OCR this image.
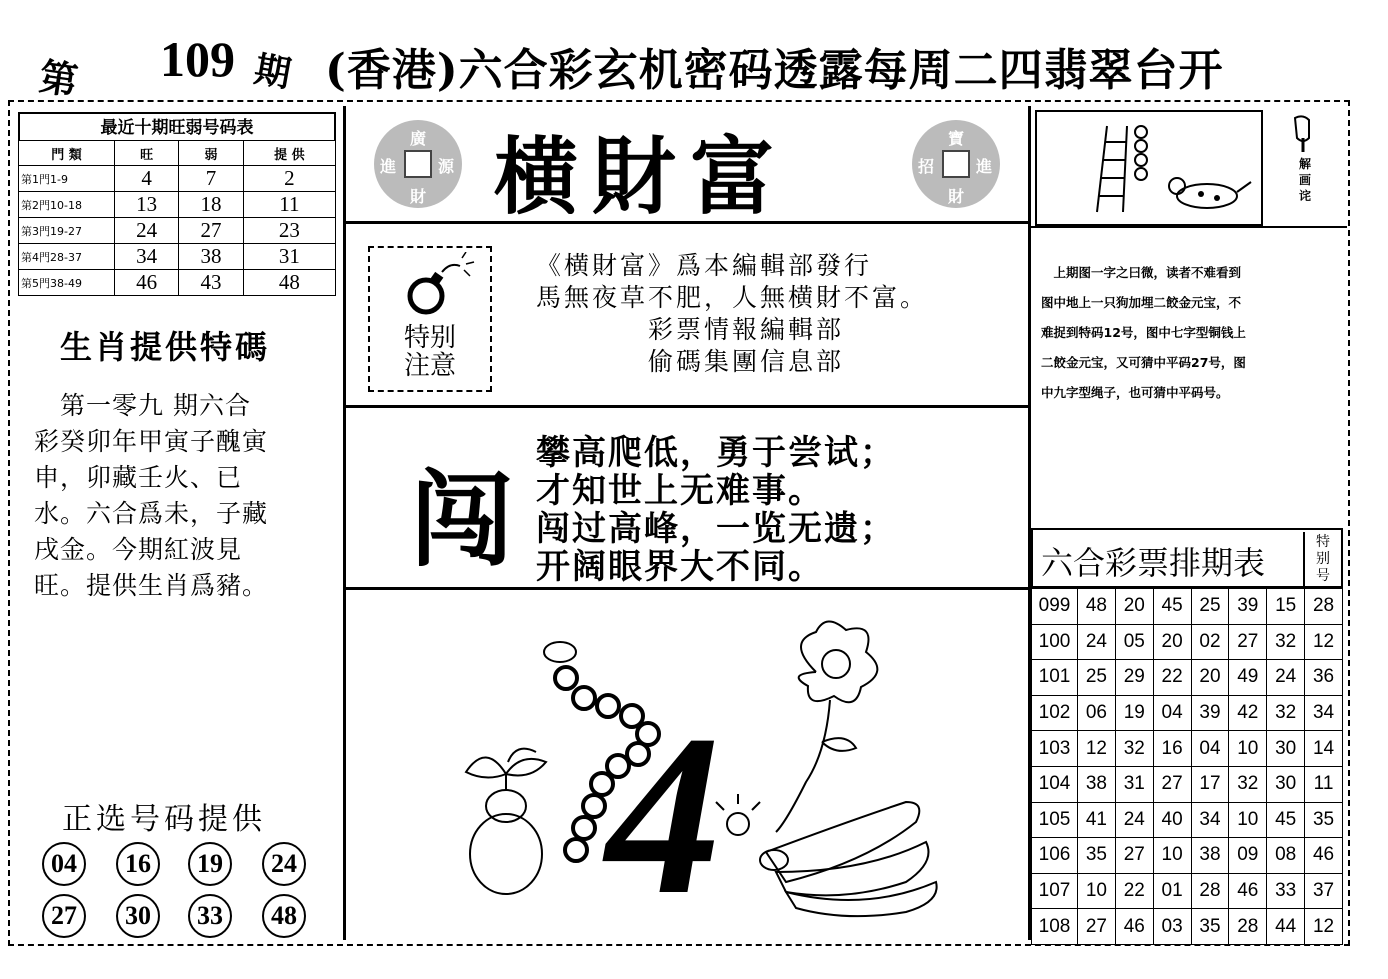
第 109 期 (香港)六合彩玄机密码透露每周二四翡翠台开
最近十期旺弱号码表
門 類	旺	弱	提 供
第1門1-9	4	7	2
第2門10-18	13	18	11
第3門19-27	24	27	23
第4門28-37	34	38	31
第5門38-49	46	43	48
生肖提供特碼

　第一零九 期六合

彩癸卯年甲寅子醜寅

申，卯藏壬火、已

水。六合爲未，子藏

戌金。今期紅波見

旺。提供生肖爲豬。

正选号码提供
04	16	19	24
27	30	33	48
廣
進	源
財 横財富	寶
招	進
財
特别
注意

《横財富》爲本編輯部發行

馬無夜草不肥，人無横財不富。

　　　　彩票情報編輯部

　　　　偷碼集團信息部

闯

攀高爬低，勇于尝试；

才知世上无难事。

闯过高峰，一览无遗；

开阔眼界大不同。

4
解
画
诧

　上期图一字之曰微，读者不难看到

图中地上一只狗加埋二餃金元宝，不

难捉到特码12号，图中七字型铜钱上

二餃金元宝，又可猜中平码27号，图

中九字型绳子，也可猜中平码号。

六合彩票排期表
特
别
号
099	48	20	45	25	39	15	28
100	24	05	20	02	27	32	12
101	25	29	22	20	49	24	36
102	06	19	04	39	42	32	34
103	12	32	16	04	10	30	14
104	38	31	27	17	32	30	11
105	41	24	40	34	10	45	35
106	35	27	10	38	09	08	46
107	10	22	01	28	46	33	37
108	27	46	03	35	28	44	12
